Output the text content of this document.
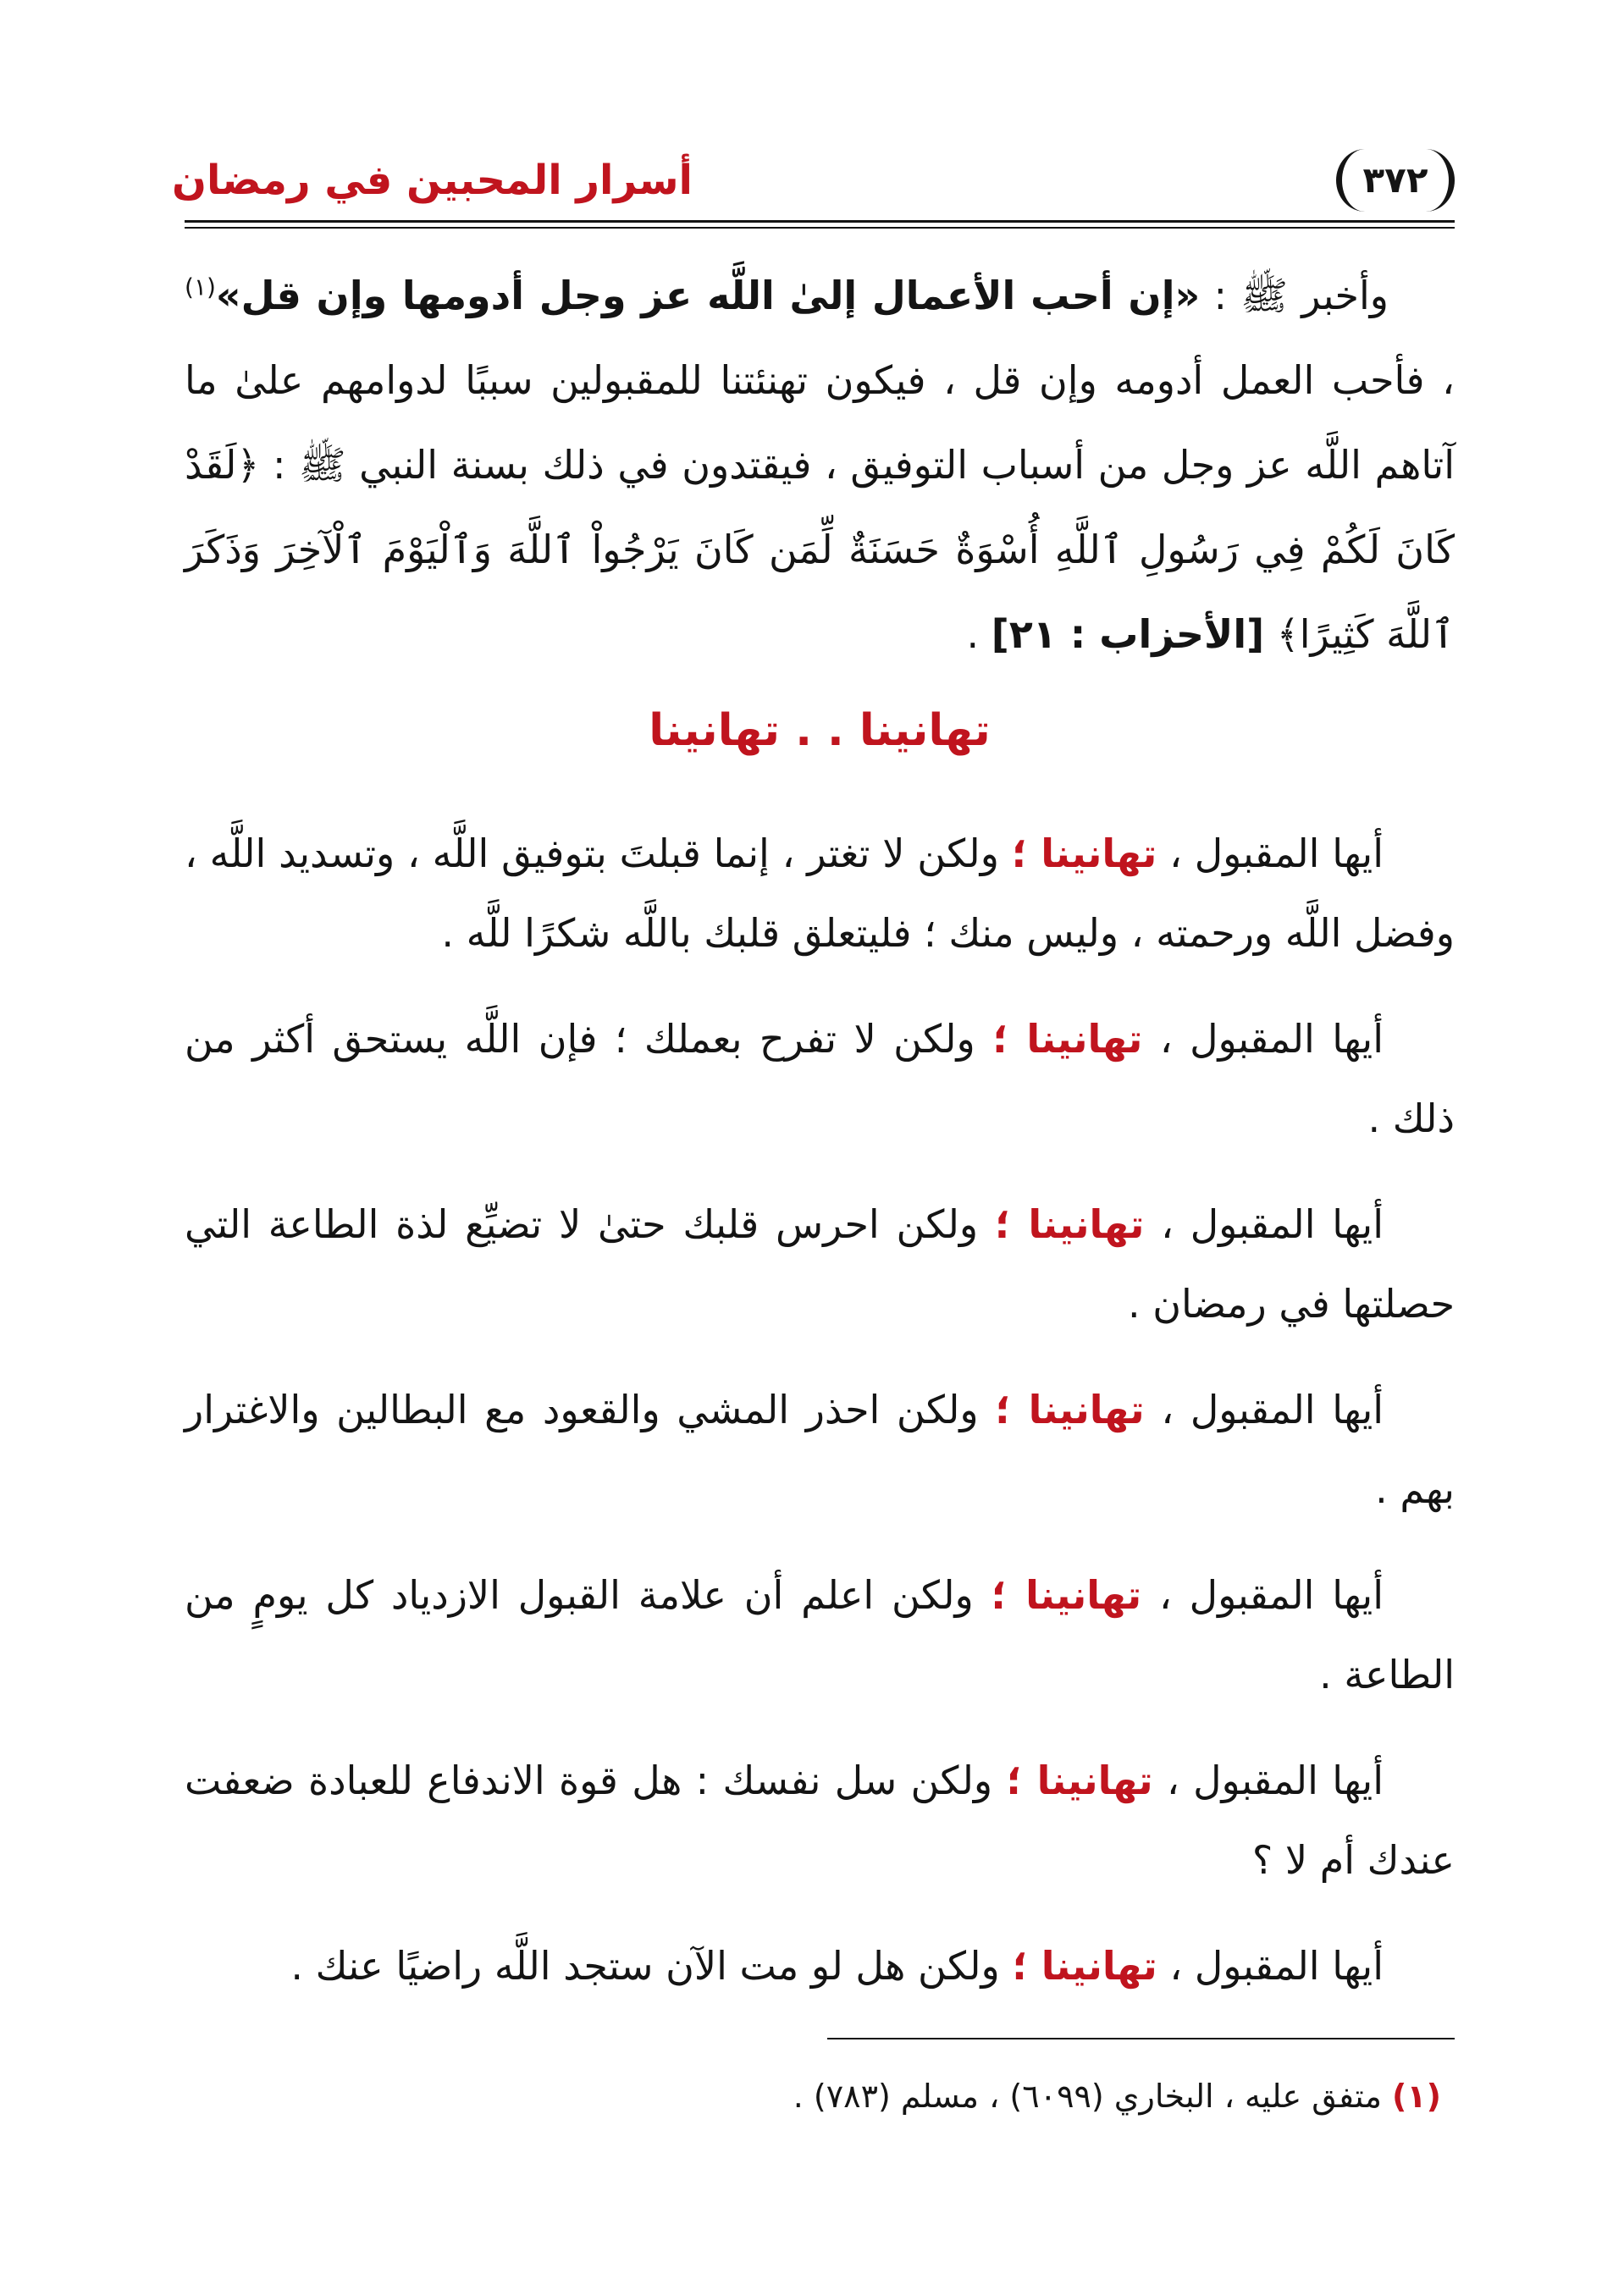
أسرار المحبين في رمضان	٣٧٢

وأخبر ﷺ : «إن أحب الأعمال إلىٰ اللَّه عز وجل أدومها وإن قل»$^{(١)}$ ، فأحب العمل أدومه وإن قل ، فيكون تهنئتنا للمقبولين سببًا لدوامهم علىٰ ما آتاهم اللَّه عز وجل من أسباب التوفيق ، فيقتدون في ذلك بسنة النبي ﷺ : ﴿لَقَدْ كَانَ لَكُمْ فِي رَسُولِ ٱللَّهِ أُسْوَةٌ حَسَنَةٌ لِّمَن كَانَ يَرْجُواْ ٱللَّهَ وَٱلْيَوْمَ ٱلْآخِرَ وَذَكَرَ ٱللَّهَ كَثِيرًا﴾ [الأحزاب : ٢١] .

تهانينا . . تهانينا

أيها المقبول ، تهانينا ؛ ولكن لا تغتر ، إنما قبلتَ بتوفيق اللَّه ، وتسديد اللَّه ، وفضل اللَّه ورحمته ، وليس منك ؛ فليتعلق قلبك باللَّه شكرًا للَّه .

أيها المقبول ، تهانينا ؛ ولكن لا تفرح بعملك ؛ فإن اللَّه يستحق أكثر من ذلك .

أيها المقبول ، تهانينا ؛ ولكن احرس قلبك حتىٰ لا تضيِّع لذة الطاعة التي حصلتها في رمضان .

أيها المقبول ، تهانينا ؛ ولكن احذر المشي والقعود مع البطالين والاغترار بهم .

أيها المقبول ، تهانينا ؛ ولكن اعلم أن علامة القبول الازدياد كل يومٍ من الطاعة .

أيها المقبول ، تهانينا ؛ ولكن سل نفسك : هل قوة الاندفاع للعبادة ضعفت عندك أم لا ؟

أيها المقبول ، تهانينا ؛ ولكن هل لو مت الآن ستجد اللَّه راضيًا عنك .

(١) متفق عليه ، البخاري (٦٠٩٩) ، مسلم (٧٨٣) .
